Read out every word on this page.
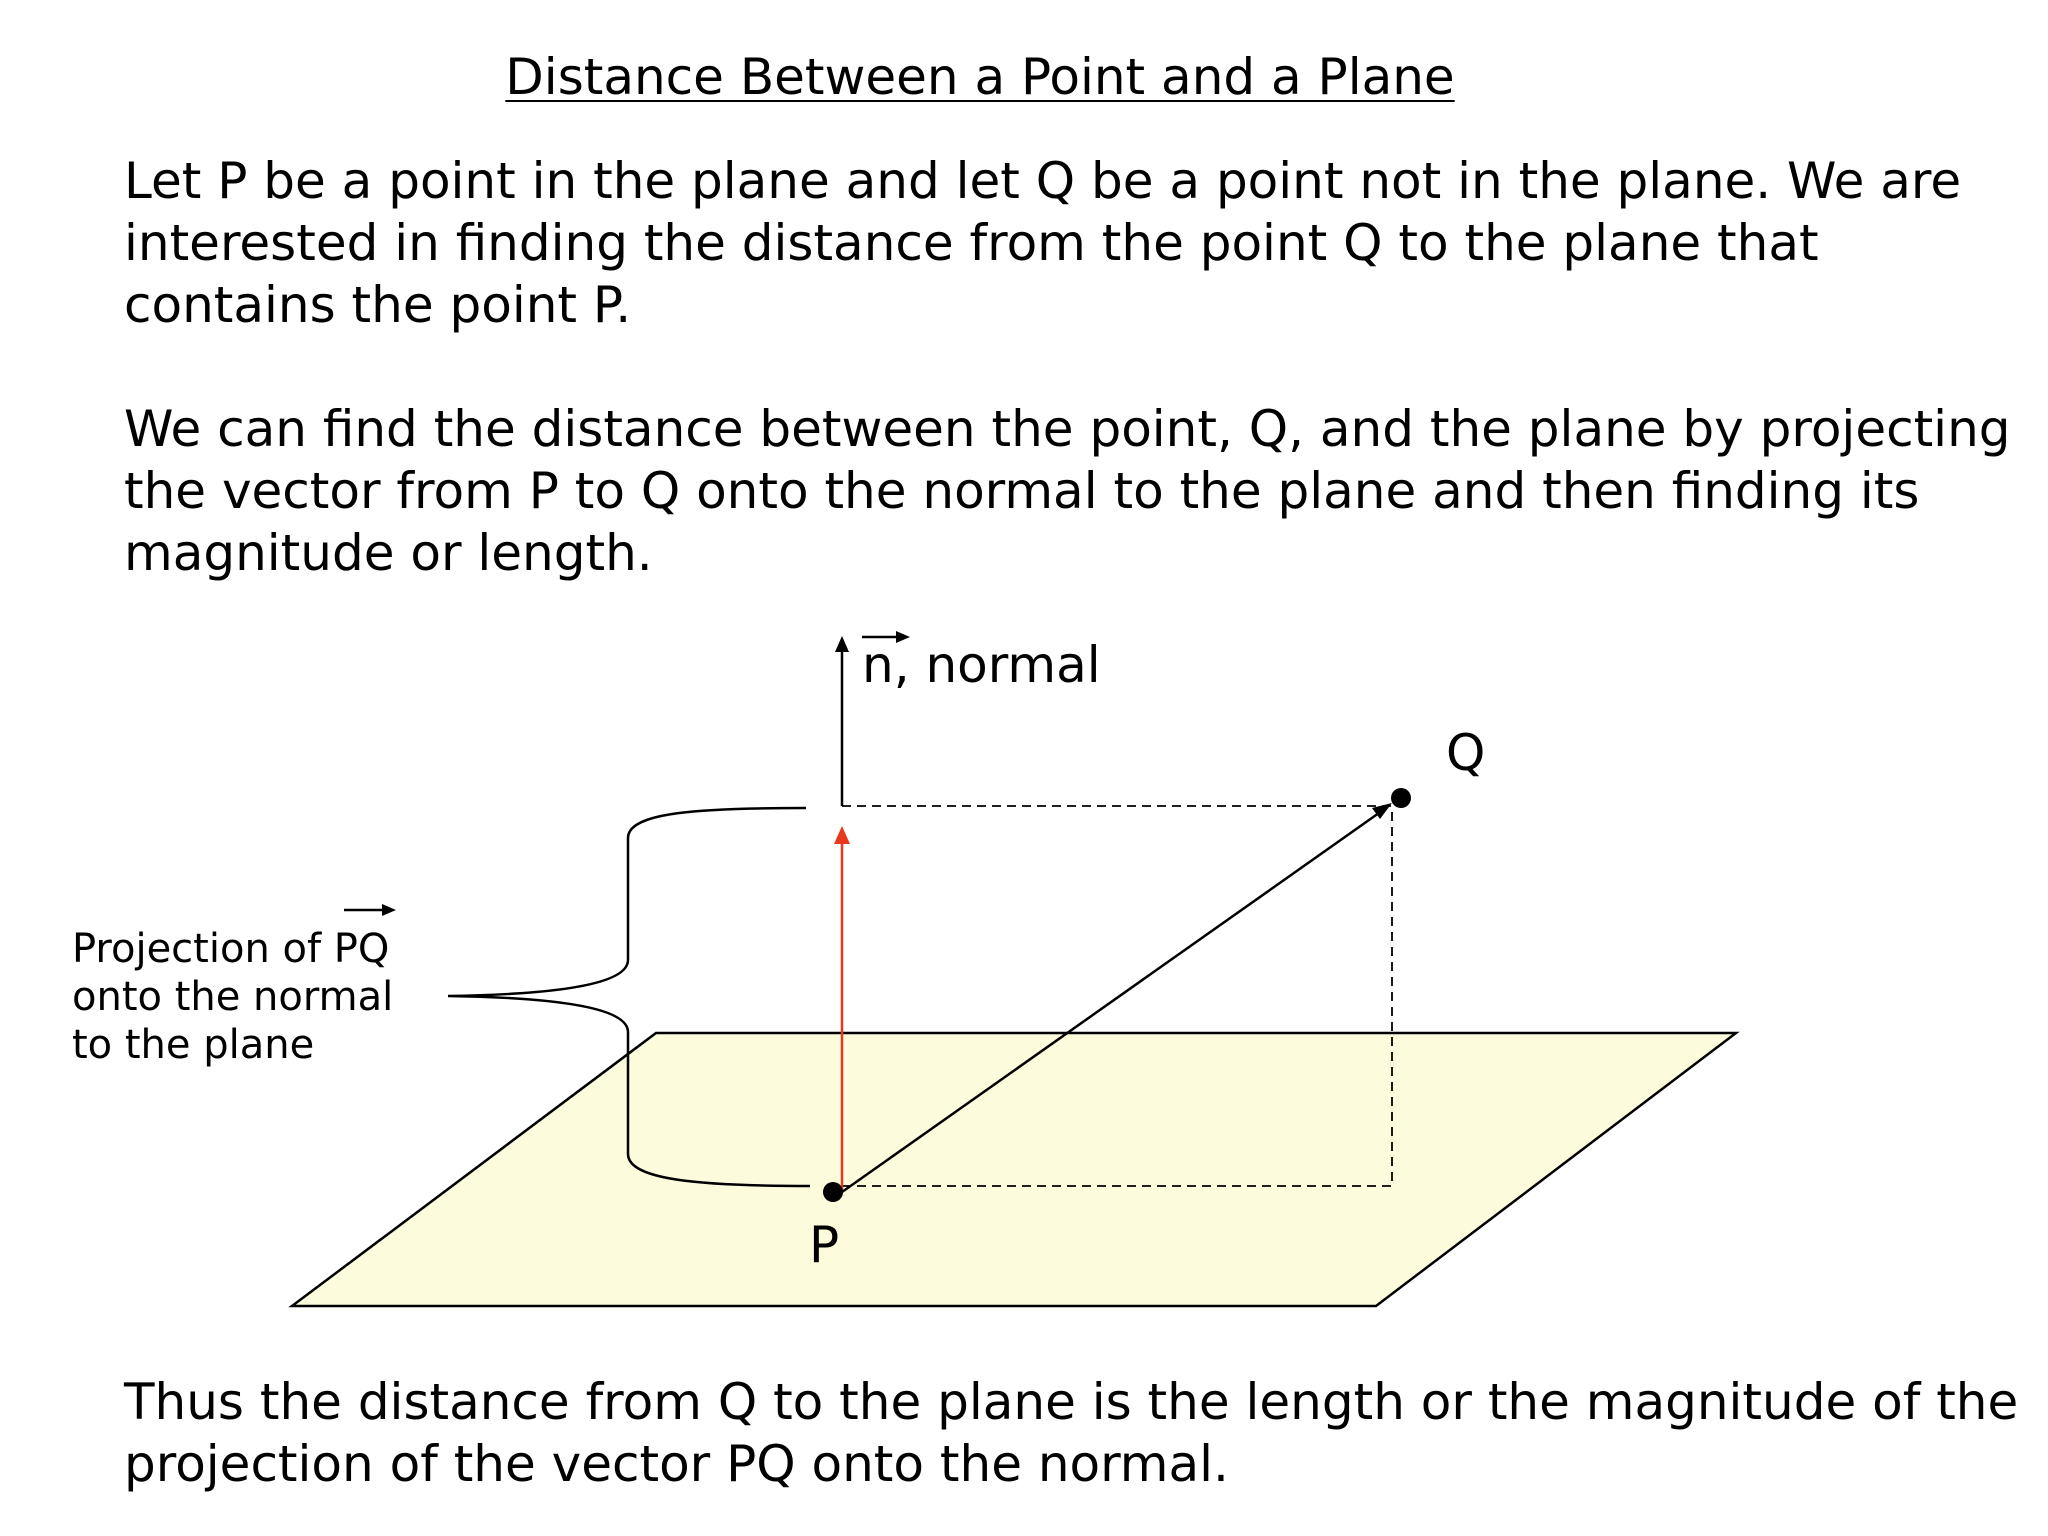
Distance Between a Point and a Plane
Let P be a point in the plane and let Q be a point not in the plane. We are
interested in finding the distance from the point Q to the plane that
contains the point P.
We can find the distance between the point, Q, and the plane by projecting
the vector from P to Q onto the normal to the plane and then finding its
magnitude or length.
n, normal
Q
P
Projection of PQ
onto the normal
to the plane
Thus the distance from Q to the plane is the length or the magnitude of the
projection of the vector PQ onto the normal.
